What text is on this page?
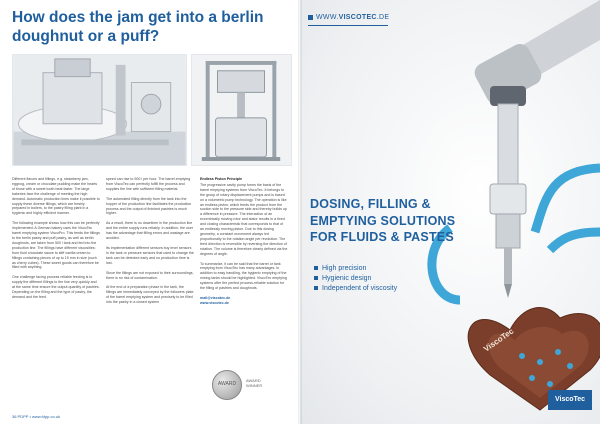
How does the jam get into a berlin doughnut or a puff?

Different flavors and fillings, e.g. strawberry jam, eggnog, cream or chocolate pudding make the hearts of those with a sweet tooth beat faster. The large bakeries face the challenge of meeting the high demand. Automatic production lines make it possible to supply these diverse fillings, which are freshly prepared in boilers, to the pastry filling plant in a hygienic and highly efficient manner.

The following example shows how this can be perfectly implemented: A German bakery uses the ViscoTec barrel emptying system ViscoPro. This feeds the fillings to the berlin pastry and puff pastry, as well as berlin doughnuts, are taken from 500 l tank and fed into the production line. The fillings have different viscosities: from fluid chocolate sauce to stiff vanilla cream to fillings containing pieces of up to 15 mm in size (such as cherry cubes). These sweet goods can therefore be filled with anything.

One challenge facing process reliable feeding is to supply the different fillings to the line very quickly and at the same time ensure the output quantity of pastries. Depending on the filling and the type of pastry, the demand and the feed

speed can rise to 900 l per hour. The barrel emptying from ViscoTec can perfectly fulfill the process and supplies the line with sufficient filling material.

The automated filling directly from the tank into the hopper of the production line facilitates the production process and the output of finished pastries is much higher.

As a result, there is no downtime in the production line and the entire supply runs reliably. In addition, the user has the advantage that filling errors and wastage are avoided.

Its implementation different sensors buy level sensors in the tank or pressure sensors that used to change the tank can be detected early and no production time is lost.

Since the fillings are not exposed to their surroundings, there is no risk of contamination.

At the end of a preparation phase in the tank, the fillings are immediately conveyed by the followers plate of the barrel emptying system and precisely to be filled into the pastry in a closed system

Endless Piston Principle

The progressive cavity pump forms the basis of the barrel emptying systems from ViscoTec. It belongs to the group of rotary displacement pumps and is based on a volumetric pump technology. The operation is like an endless piston, which feeds the product from the suction side to the pressure side and thereby builds up a difference in pressure. The interaction of an eccentrically moving rotor and stator results in a fixed and closing characteristic that corresponds to that of an endlessly moving piston. Due to this dosing geometry, a constant movement always led proportionally to the rotation angle per revolution. The feed direction is reversible by reversing the direction of rotation. The volume is therefore clearly defined via the degrees of angle.

To summarize, it can be said that the barrel or tank emptying from ViscoTec has many advantages. In addition to easy handling, the hygienic emptying of the mixing tanks should be highlighted. ViscoTec emptying systems offer the perfect process-reliable solution for the filling of pastries and doughnuts.

mail@viscotec.de
www.viscotec.de
AWARD
AWARD
WINNER
36 PDPP • www.fdpp.co.uk
ViscoTec
WWW.VISCOTEC.DE
DOSING, FILLING &
EMPTYING SOLUTIONS
FOR FLUIDS & PASTES
High precision
Hygienic design
Independent of viscosity
ViscoTec
